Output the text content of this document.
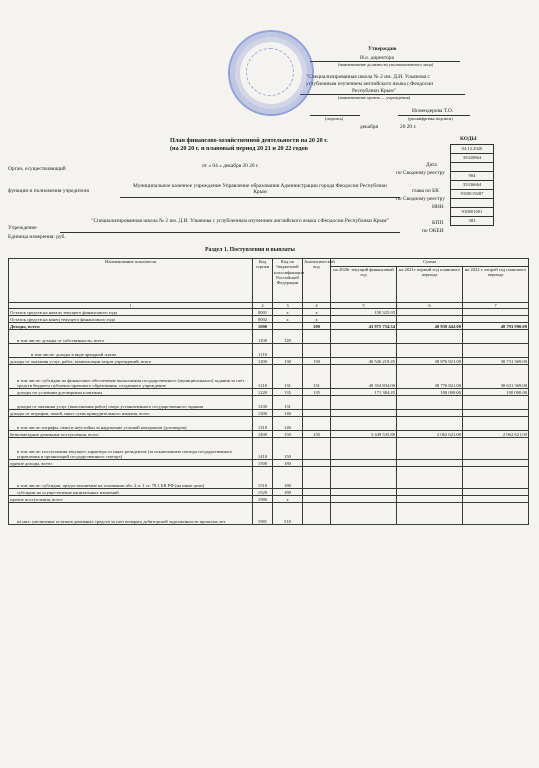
Утверждаю
И.о. директора
(наименование должности уполномоченного лица)
"Специализированная школа № 2 им. Д.И. Ульянова с
углубленным изучением английского языка г.Феодосии
Республики Крым"
(наименование органа — учреждения)
Исмендерова Т.О.
(подпись)	(расшифровка подписи)
декабря	20 20 г.
План финансово-хозяйственной деятельности на 20 20 г.
(на 20 20 г. и плановый период 20 21 и 20 22 годов
от « 04 » декабря 20 20 г.
КОДЫ
04.12.2020
35320864
904
35336664
9108119287
910801001
383
Орган, осуществляющий
функции и полномочия учредителя
Муниципальное казенное учреждение Управление образования Администрации города Феодосии Республики Крым
Учреждение
"Специализированная школа № 2 им. Д.И. Ульянова с углубленным изучением английского языка г.Феодосии Республики Крым"
Единица измерения: руб.
Дата
по Сводному реестру
глава по БК
по Сводному реестру
ИНН
КПП
по ОКЕИ
Раздел 1. Поступления и выплаты
Наименование показателя	Код строки	Код по бюджетной классификации Российской Федерации	Аналитический код	Сумма		
				на 2020г текущий финансовый год	на 2021г первый год планового периода	на 2022 г. второй год планового периода
1	2	3	4	5	6	7
Остаток средств на начало текущего финансового года	0001	х	х	150 325.93		
Остаток средств на конец текущего финансового года	0002	х	х			
Доходы, всего:	1000		100	43 975 754.34	40 939 442.00	40 793 990.00
в том числе: доходы от собственности, всего	1100	120				
в том числе: доходы в виде арендной платы	1110					
доходы от оказания услуг, работ, компенсации затрат учреждений, всего	1200	130	130	40 526 218.45	38 876 821.00	38 731 369.00
в том числе: субсидии на финансовое обеспечение выполнения государственного (муниципального) задания за счет средств бюджета публично-правового образования, создавшего учреждение	1210	131	131	40 354 834.00	38 776 821.00	38 631 369.00
доходы по условиям договорным платежам	1220	135	135	171 384.45	100 000.00	100 000.00
доходы от оказания услуг (выполнения работ) сверх установленного государственного задания	1230	131				
доходы от штрафов, пеней, иных сумм принудительного изъятия, всего	1300	140				
в том числе: штрафы, пени и неустойки за нарушение условий контрактов (договоров)	1310	140				
безвозмездные денежные поступления, всего	1400	150	150	3 449 535.89	2 062 621.00	2 062 621.00
в том числе: поступления текущего характера от иных резидентов (за исключением сектора государственного управления и организаций государственного сектора)	1410	150				
прочие доходы, всего	1500	180				
в том числе: субсидии, предоставляемые на основании абз. 2 п. 1 ст. 78.1 БК РФ (на иные цели)	1510	180				
субсидии на осуществление капитальных вложений	1520	180				
прочие поступления, всего	1980	х				
из них: увеличение остатков денежных средств за счет возврата дебиторской задолженности прошлых лет	1981	510				
